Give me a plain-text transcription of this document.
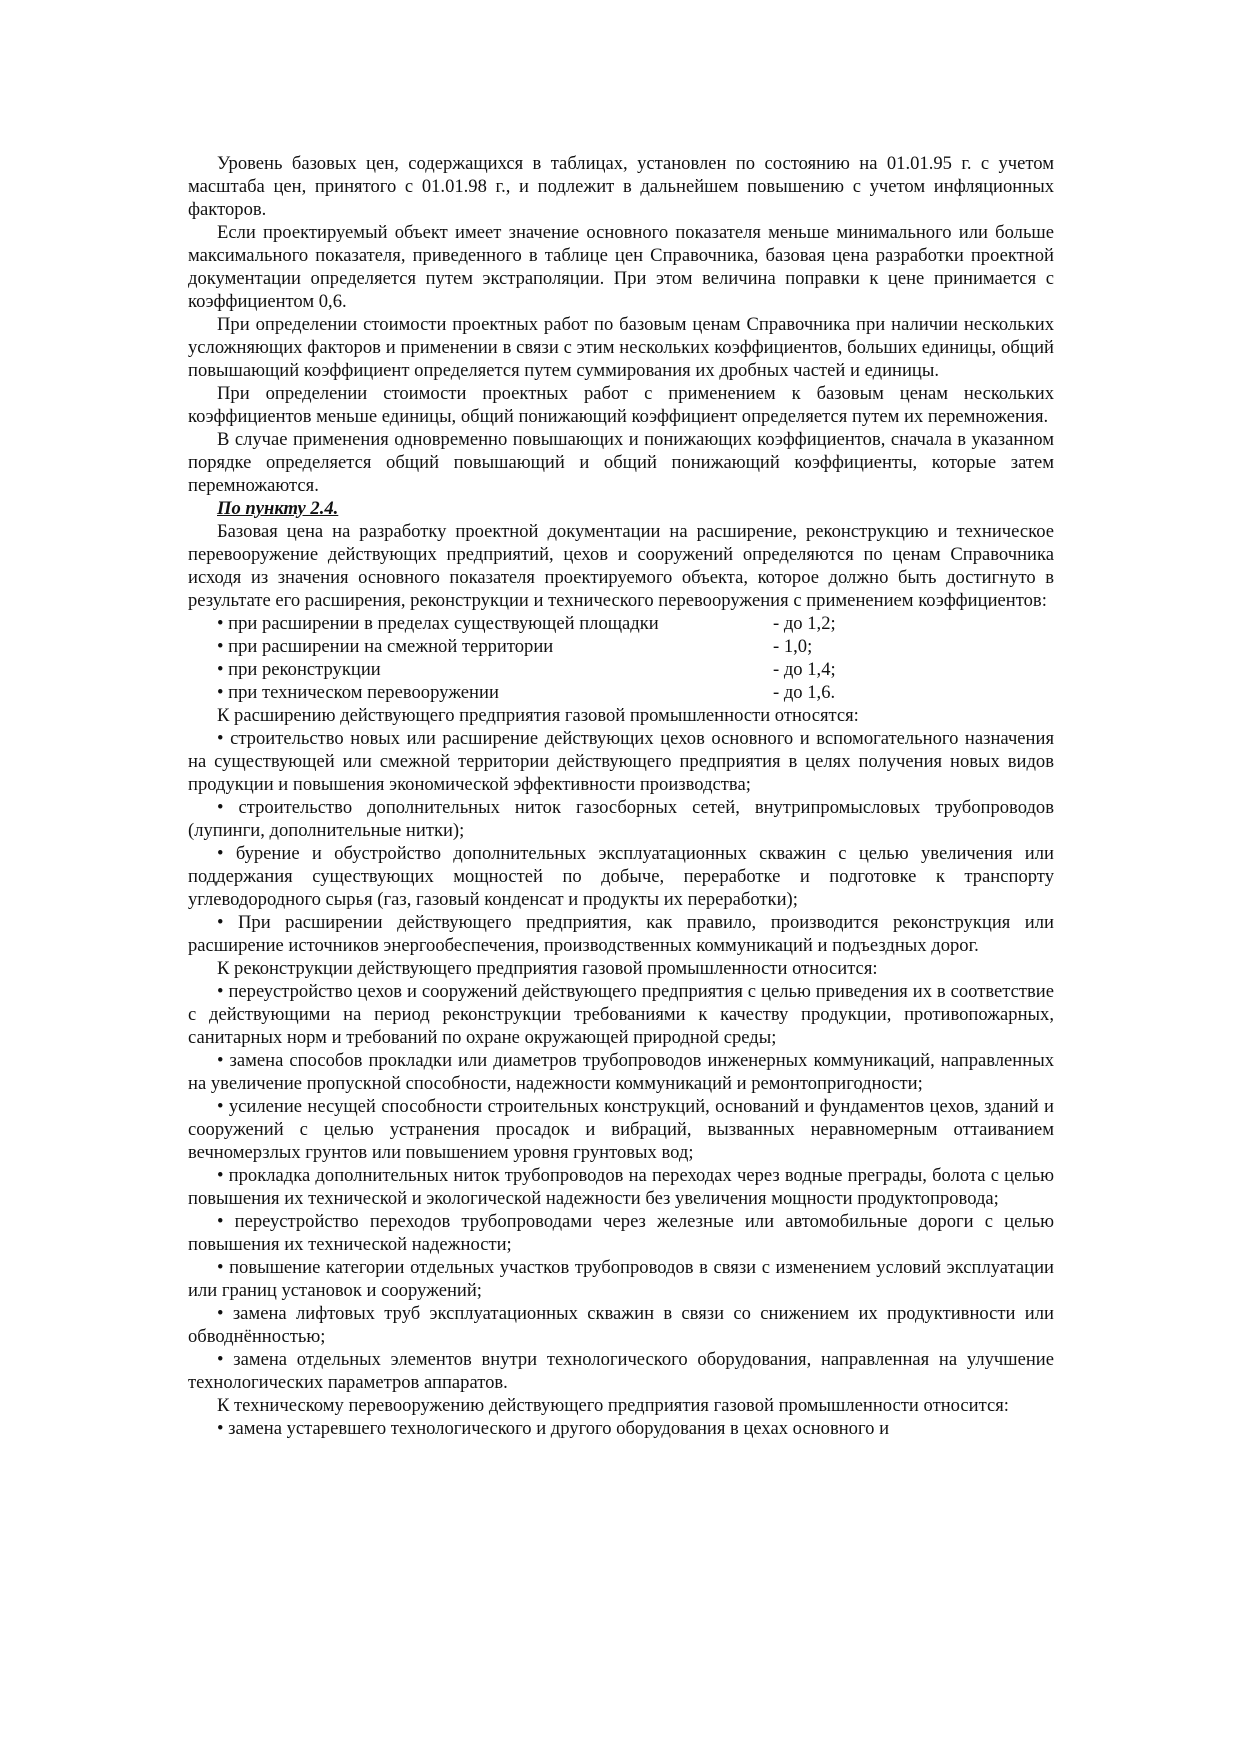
Уровень базовых цен, содержащихся в таблицах, установлен по состоянию на 01.01.95 г. с учетом масштаба цен, принятого с 01.01.98 г., и подлежит в дальнейшем повышению с учетом инфляционных факторов.

Если проектируемый объект имеет значение основного показателя меньше минимального или больше максимального показателя, приведенного в таблице цен Справочника, базовая цена разработки проектной документации определяется путем экстраполяции. При этом величина поправки к цене принимается с коэффициентом 0,6.

При определении стоимости проектных работ по базовым ценам Справочника при наличии нескольких усложняющих факторов и применении в связи с этим нескольких коэффициентов, больших единицы, общий повышающий коэффициент определяется путем суммирования их дробных частей и единицы.

При определении стоимости проектных работ с применением к базовым ценам нескольких коэффициентов меньше единицы, общий понижающий коэффициент определяется путем их перемножения.

В случае применения одновременно повышающих и понижающих коэффициентов, сначала в указанном порядке определяется общий повышающий и общий понижающий коэффициенты, которые затем перемножаются.

По пункту 2.4.

Базовая цена на разработку проектной документации на расширение, реконструкцию и техническое перевооружение действующих предприятий, цехов и сооружений определяются по ценам Справочника исходя из значения основного показателя проектируемого объекта, которое должно быть достигнуто в результате его расширения, реконструкции и технического перевооружения с применением коэффициентов:

• при расширении в пределах существующей площадки	- до 1,2;
• при расширении на смежной территории	- 1,0;
• при реконструкции	- до 1,4;
• при техническом перевооружении	- до 1,6.

К расширению действующего предприятия газовой промышленности относятся:

• строительство новых или расширение действующих цехов основного и вспомогательного назначения на существующей или смежной территории действующего предприятия в целях получения новых видов продукции и повышения экономической эффективности производства;

• строительство дополнительных ниток газосборных сетей, внутрипромысловых трубопроводов (лупинги, дополнительные нитки);

• бурение и обустройство дополнительных эксплуатационных скважин с целью увеличения или поддержания существующих мощностей по добыче, переработке и подготовке к транспорту углеводородного сырья (газ, газовый конденсат и продукты их переработки);

• При расширении действующего предприятия, как правило, производится реконструкция или расширение источников энергообеспечения, производственных коммуникаций и подъездных дорог.

К реконструкции действующего предприятия газовой промышленности относится:

• переустройство цехов и сооружений действующего предприятия с целью приведения их в соответствие с действующими на период реконструкции требованиями к качеству продукции, противопожарных, санитарных норм и требований по охране окружающей природной среды;

• замена способов прокладки или диаметров трубопроводов инженерных коммуникаций, направленных на увеличение пропускной способности, надежности коммуникаций и ремонтопригодности;

• усиление несущей способности строительных конструкций, оснований и фундаментов цехов, зданий и сооружений с целью устранения просадок и вибраций, вызванных неравномерным оттаиванием вечномерзлых грунтов или повышением уровня грунтовых вод;

• прокладка дополнительных ниток трубопроводов на переходах через водные преграды, болота с целью повышения их технической и экологической надежности без увеличения мощности продуктопровода;

• переустройство переходов трубопроводами через железные или автомобильные дороги с целью повышения их технической надежности;

• повышение категории отдельных участков трубопроводов в связи с изменением условий эксплуатации или границ установок и сооружений;

• замена лифтовых труб эксплуатационных скважин в связи со снижением их продуктивности или обводнённостью;

• замена отдельных элементов внутри технологического оборудования, направленная на улучшение технологических параметров аппаратов.

К техническому перевооружению действующего предприятия газовой промышленности относится:

• замена устаревшего технологического и другого оборудования в цехах основного и
